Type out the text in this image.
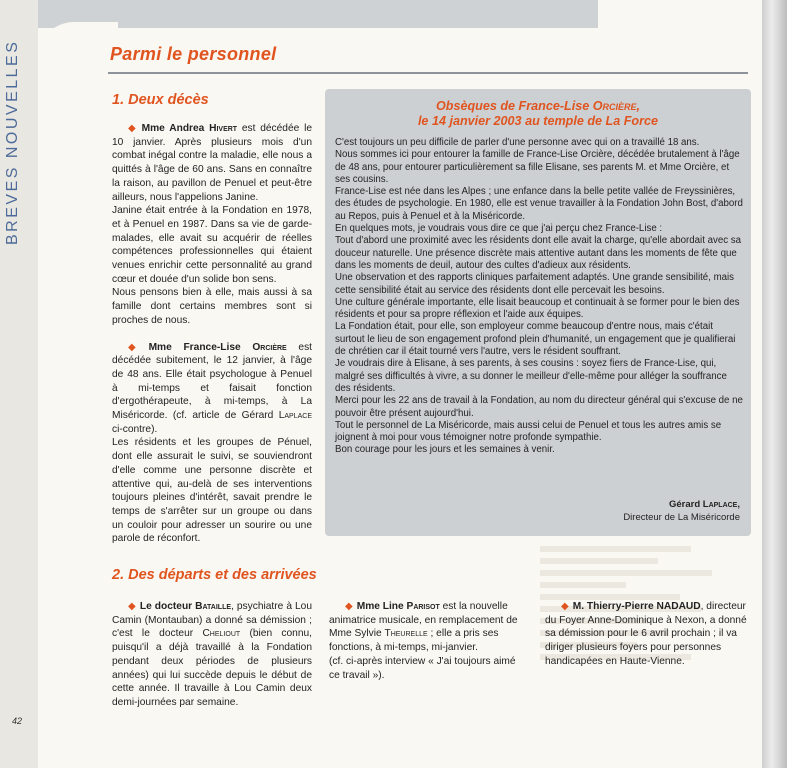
BREVES NOUVELLES	Parmi le personnel
1. Deux décès

◆ Mme Andrea Hivert est décédée le 10 janvier. Après plusieurs mois d'un combat inégal contre la maladie, elle nous a quittés à l'âge de 60 ans. Sans en connaître la raison, au pavillon de Penuel et peut-être ailleurs, nous l'appelions Janine.

Janine était entrée à la Fondation en 1978, et à Penuel en 1987. Dans sa vie de garde-malades, elle avait su acquérir de réelles compétences professionnelles qui étaient venues enrichir cette personnalité au grand cœur et douée d'un solide bon sens.

Nous pensons bien à elle, mais aussi à sa famille dont certains membres sont si proches de nous.

◆ Mme France-Lise Orcière est décédée subitement, le 12 janvier, à l'âge de 48 ans. Elle était psychologue à Penuel à mi-temps et faisait fonction d'ergothérapeute, à mi-temps, à La Miséricorde. (cf. article de Gérard Laplace ci-contre).

Les résidents et les groupes de Pénuel, dont elle assurait le suivi, se souviendront d'elle comme une personne discrète et attentive qui, au-delà de ses interventions toujours pleines d'intérêt, savait prendre le temps de s'arrêter sur un groupe ou dans un couloir pour adresser un sourire ou une parole de réconfort.

Obsèques de France-Lise Orcière,
le 14 janvier 2003 au temple de La Force

C'est toujours un peu difficile de parler d'une personne avec qui on a travaillé 18 ans.

Nous sommes ici pour entourer la famille de France-Lise Orcière, décédée brutalement à l'âge de 48 ans, pour entourer particulièrement sa fille Elisane, ses parents M. et Mme Orcière, et ses cousins.

France-Lise est née dans les Alpes ; une enfance dans la belle petite vallée de Freyssinières, des études de psychologie. En 1980, elle est venue travailler à la Fondation John Bost, d'abord au Repos, puis à Penuel et à la Miséricorde.

En quelques mots, je voudrais vous dire ce que j'ai perçu chez France-Lise :

Tout d'abord une proximité avec les résidents dont elle avait la charge, qu'elle abordait avec sa douceur naturelle. Une présence discrète mais attentive autant dans les moments de fête que dans les moments de deuil, autour des cultes d'adieux aux résidents.

Une observation et des rapports cliniques parfaitement adaptés. Une grande sensibilité, mais cette sensibilité était au service des résidents dont elle percevait les besoins.

Une culture générale importante, elle lisait beaucoup et continuait à se former pour le bien des résidents et pour sa propre réflexion et l'aide aux équipes.

La Fondation était, pour elle, son employeur comme beaucoup d'entre nous, mais c'était surtout le lieu de son engagement profond plein d'humanité, un engagement que je qualifierai de chrétien car il était tourné vers l'autre, vers le résident souffrant.

Je voudrais dire à Elisane, à ses parents, à ses cousins : soyez fiers de France-Lise, qui, malgré ses difficultés à vivre, a su donner le meilleur d'elle-même pour alléger la souffrance des résidents.

Merci pour les 22 ans de travail à la Fondation, au nom du directeur général qui s'excuse de ne pouvoir être présent aujourd'hui.

Tout le personnel de La Miséricorde, mais aussi celui de Penuel et tous les autres amis se joignent à moi pour vous témoigner notre profonde sympathie.

Bon courage pour les jours et les semaines à venir.

Gérard Laplace,
Directeur de La Miséricorde
2. Des départs et des arrivées

◆ Le docteur Bataille, psychiatre à Lou Camin (Montauban) a donné sa démission ; c'est le docteur Cheliout (bien connu, puisqu'il a déjà travaillé à la Fondation pendant deux périodes de plusieurs années) qui lui succède depuis le début de cette année. Il travaille à Lou Camin deux demi-journées par semaine.

◆ Mme Line Parisot est la nouvelle animatrice musicale, en remplacement de Mme Sylvie Theurelle ; elle a pris ses fonctions, à mi-temps, mi-janvier.

(cf. ci-après interview « J'ai toujours aimé ce travail »).

◆ M. Thierry-Pierre NADAUD, directeur du Foyer Anne-Dominique à Nexon, a donné sa démission pour le 6 avril prochain ; il va diriger plusieurs foyers pour personnes handicapées en Haute-Vienne.

42
